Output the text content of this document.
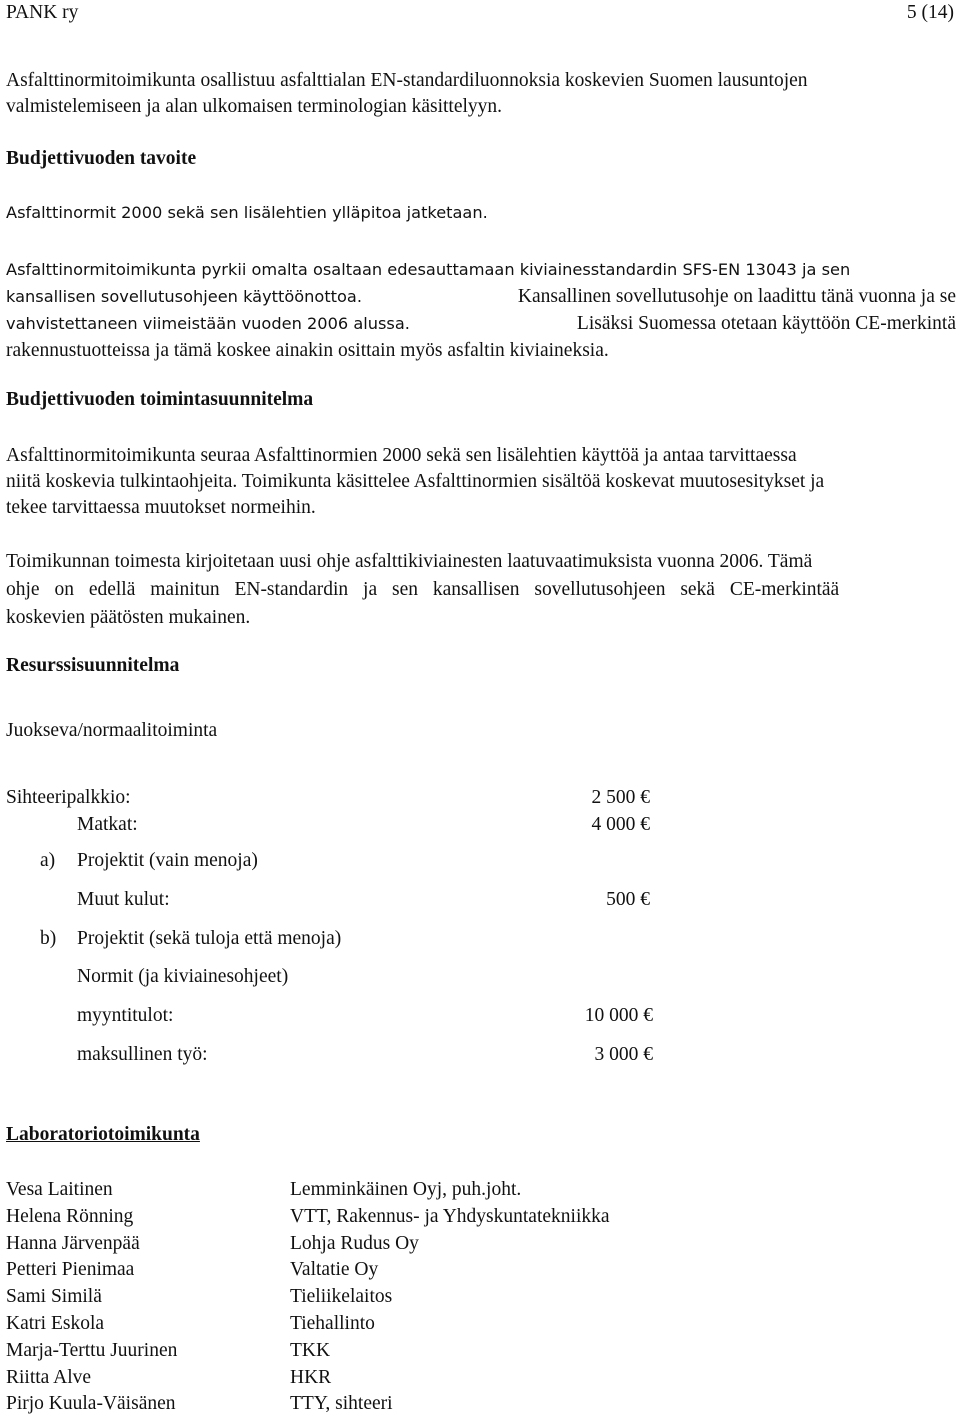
PANK ry	5 (14)
Asfalttinormitoimikunta osallistuu asfalttialan EN-standardiluonnoksia koskevien Suomen lausuntojen
valmistelemiseen ja alan ulkomaisen terminologian käsittelyyn.
Budjettivuoden tavoite
Asfalttinormit 2000 sekä sen lisälehtien ylläpitoa jatketaan.
Asfalttinormitoimikunta pyrkii omalta osaltaan edesauttamaan kiviainesstandardin SFS-EN 13043 ja sen
kansallisen sovellutusohjeen käyttöönottoa.	Kansallinen sovellutusohje on laadittu tänä vuonna ja se
vahvistettaneen viimeistään vuoden 2006 alussa.	Lisäksi Suomessa otetaan käyttöön CE-merkintä
rakennustuotteissa ja tämä koskee ainakin osittain myös asfaltin kiviaineksia.
Budjettivuoden toimintasuunnitelma
Asfalttinormitoimikunta seuraa Asfalttinormien 2000 sekä sen lisälehtien käyttöä ja antaa tarvittaessa
niitä koskevia tulkintaohjeita. Toimikunta käsittelee Asfalttinormien sisältöä koskevat muutosesitykset ja
tekee tarvittaessa muutokset normeihin.
Toimikunnan toimesta kirjoitetaan uusi ohje asfalttikiviainesten laatuvaatimuksista vuonna 2006. Tämä
ohje on edellä mainitun EN-standardin ja sen kansallisen sovellutusohjeen sekä CE-merkintää
koskevien päätösten mukainen.
Resurssisuunnitelma
Juokseva/normaalitoiminta
Sihteeripalkkio:	2 500 €
Matkat:	4 000 €
a) Projektit (vain menoja)
Muut kulut:	500 €
b) Projektit (sekä tuloja että menoja)
Normit (ja kiviainesohjeet)
myyntitulot:	10 000 €
maksullinen työ:	3 000 €
Laboratoriotoimikunta
Vesa Laitinen	Lemminkäinen Oyj, puh.joht.
Helena Rönning	VTT, Rakennus- ja Yhdyskuntatekniikka
Hanna Järvenpää	Lohja Rudus Oy
Petteri Pienimaa	Valtatie Oy
Sami Similä	Tieliikelaitos
Katri Eskola	Tiehallinto
Marja-Terttu Juurinen	TKK
Riitta Alve	HKR
Pirjo Kuula-Väisänen	TTY, sihteeri
